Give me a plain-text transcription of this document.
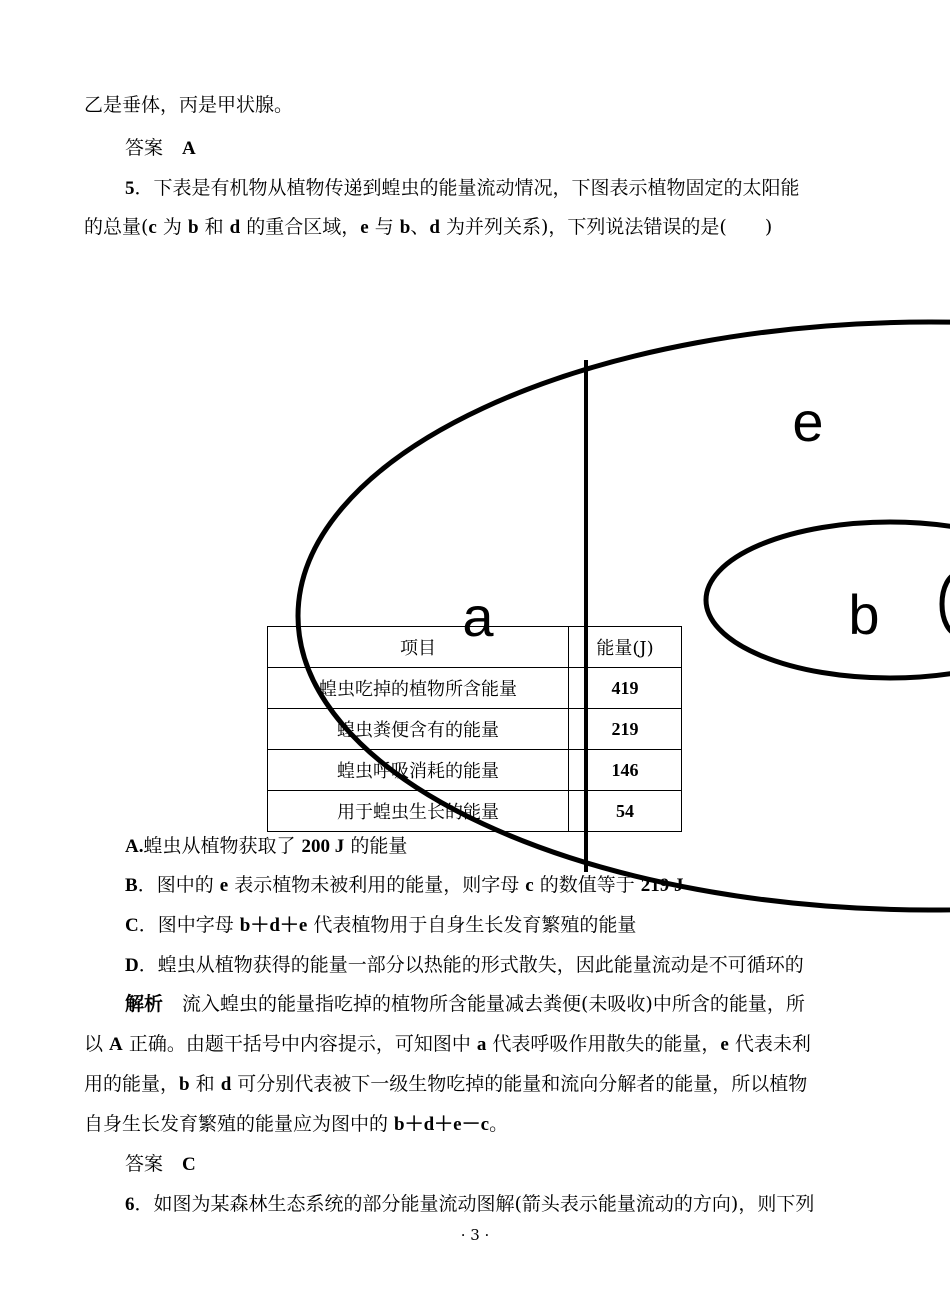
乙是垂体，丙是甲状腺。
答案　 A
5．下表是有机物从植物传递到蝗虫的能量流动情况，下图表示植物固定的太阳能
的总量(c 为 b 和 d 的重合区域，e 与 b、d 为并列关系)，下列说法错误的是(　　)
a
e
b
项目	能量(J)
蝗虫吃掉的植物所含能量	419
蝗虫粪便含有的能量	219
蝗虫呼吸消耗的能量	146
用于蝗虫生长的能量	54
A.蝗虫从植物获取了 200 J 的能量
B．图中的 e 表示植物未被利用的能量，则字母 c 的数值等于 219 J
C．图中字母 b＋d＋e 代表植物用于自身生长发育繁殖的能量
D．蝗虫从植物获得的能量一部分以热能的形式散失，因此能量流动是不可循环的
解析　流入蝗虫的能量指吃掉的植物所含能量减去粪便(未吸收)中所含的能量，所
以 A 正确。由题干括号中内容提示，可知图中 a 代表呼吸作用散失的能量，e 代表未利
用的能量，b 和 d 可分别代表被下一级生物吃掉的能量和流向分解者的能量，所以植物
自身生长发育繁殖的能量应为图中的 b＋d＋e－c。
答案　 C
6．如图为某森林生态系统的部分能量流动图解(箭头表示能量流动的方向)，则下列
· 3 ·
